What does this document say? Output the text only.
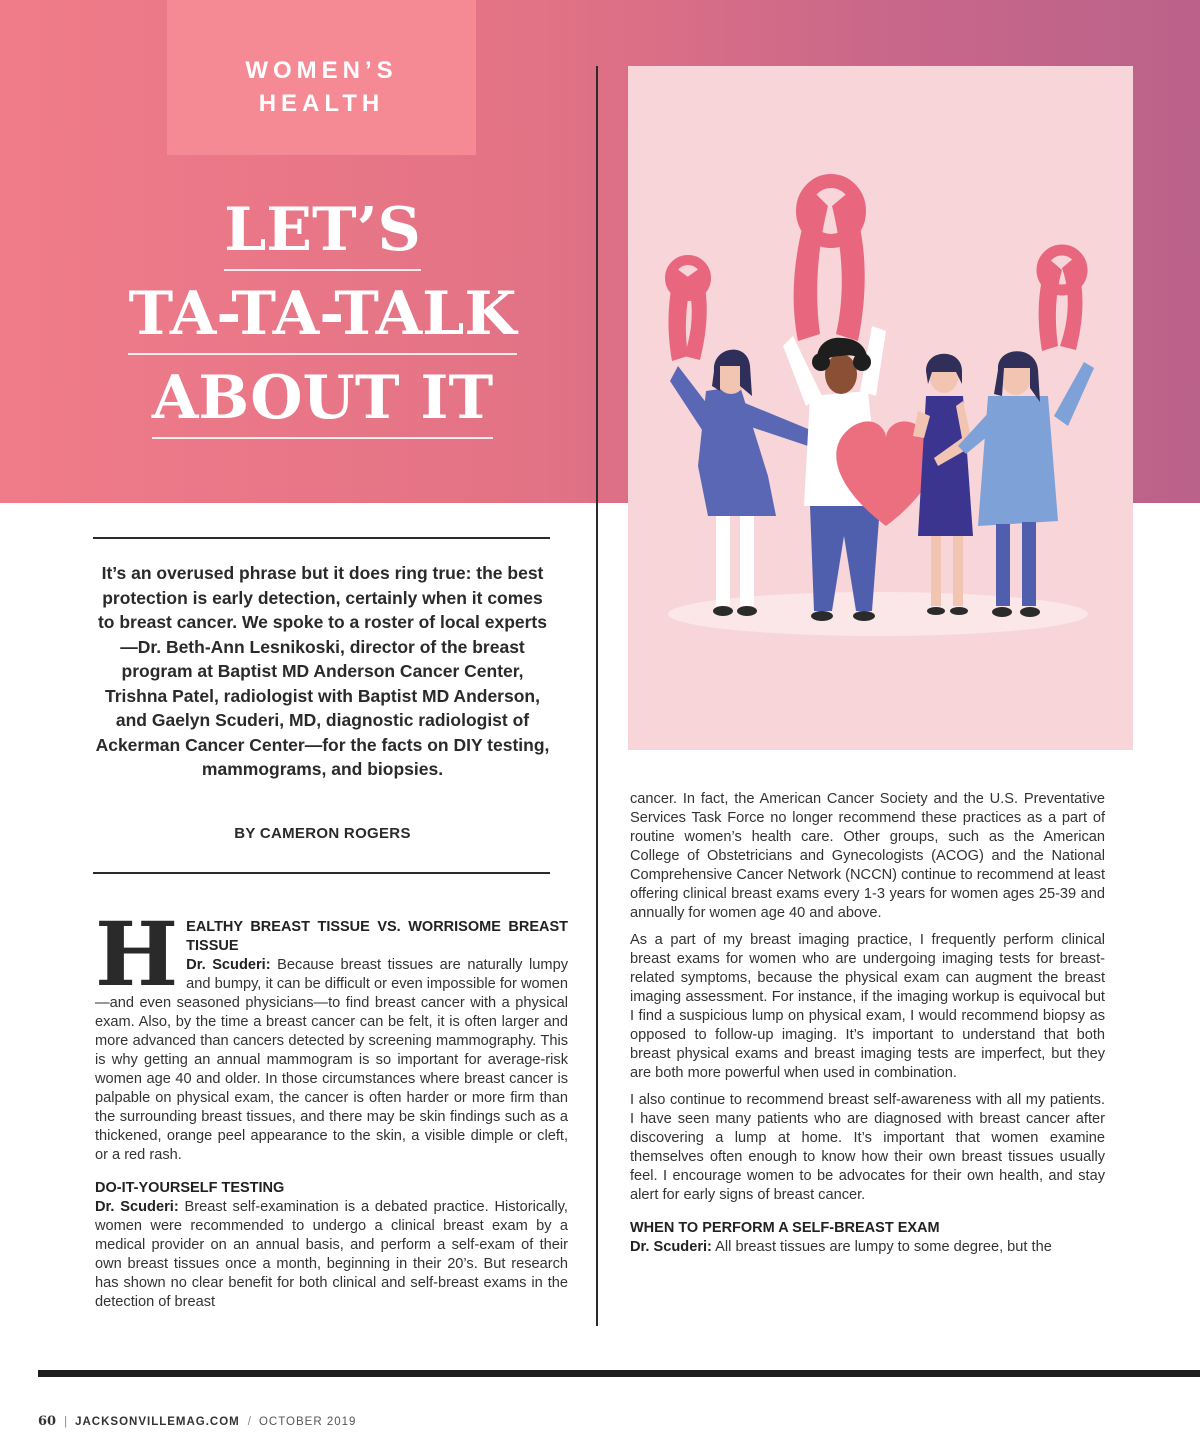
WOMEN’S
HEALTH
LET’S
TA-TA-TALK
ABOUT IT
It’s an overused phrase but it does ring true: the best protection is early detection, certainly when it comes to breast cancer. We spoke to a roster of local experts—Dr. Beth-Ann Lesnikoski, director of the breast program at Baptist MD Anderson Cancer Center, Trishna Patel, radiologist with Baptist MD Anderson, and Gaelyn Scuderi, MD, diagnostic radiologist of Ackerman Cancer Center—for the facts on DIY testing, mammograms, and biopsies.
BY CAMERON ROGERS

H EALTHY BREAST TISSUE VS. WORRISOME BREAST TISSUE
Dr. Scuderi: Because breast tissues are naturally lumpy and bumpy, it can be difficult or even impossible for women—and even seasoned physicians—to find breast cancer with a physical exam. Also, by the time a breast cancer can be felt, it is often larger and more advanced than cancers detected by screening mammography. This is why getting an annual mammogram is so important for average-risk women age 40 and older. In those circumstances where breast cancer is palpable on physical exam, the cancer is often harder or more firm than the surrounding breast tissues, and there may be skin findings such as a thickened, orange peel appearance to the skin, a visible dimple or cleft, or a red rash.

DO-IT-YOURSELF TESTING

Dr. Scuderi: Breast self-examination is a debated practice. Historically, women were recommended to undergo a clinical breast exam by a medical provider on an annual basis, and perform a self-exam of their own breast tissues once a month, beginning in their 20’s. But research has shown no clear benefit for both clinical and self-breast exams in the detection of breast

cancer. In fact, the American Cancer Society and the U.S. Preventative Services Task Force no longer recommend these practices as a part of routine women’s health care. Other groups, such as the American College of Obstetricians and Gynecologists (ACOG) and the National Comprehensive Cancer Network (NCCN) continue to recommend at least offering clinical breast exams every 1-3 years for women ages 25-39 and annually for women age 40 and above.

As a part of my breast imaging practice, I frequently perform clinical breast exams for women who are undergoing imaging tests for breast-related symptoms, because the physical exam can augment the breast imaging assessment. For instance, if the imaging workup is equivocal but I find a suspicious lump on physical exam, I would recommend biopsy as opposed to follow-up imaging. It’s important to understand that both breast physical exams and breast imaging tests are imperfect, but they are both more powerful when used in combination.

I also continue to recommend breast self-awareness with all my patients. I have seen many patients who are diagnosed with breast cancer after discovering a lump at home. It’s important that women examine themselves often enough to know how their own breast tissues usually feel. I encourage women to be advocates for their own health, and stay alert for early signs of breast cancer.

WHEN TO PERFORM A SELF-BREAST EXAM

Dr. Scuderi: All breast tissues are lumpy to some degree, but the

60 | JACKSONVILLEMAG.COM / OCTOBER 2019
